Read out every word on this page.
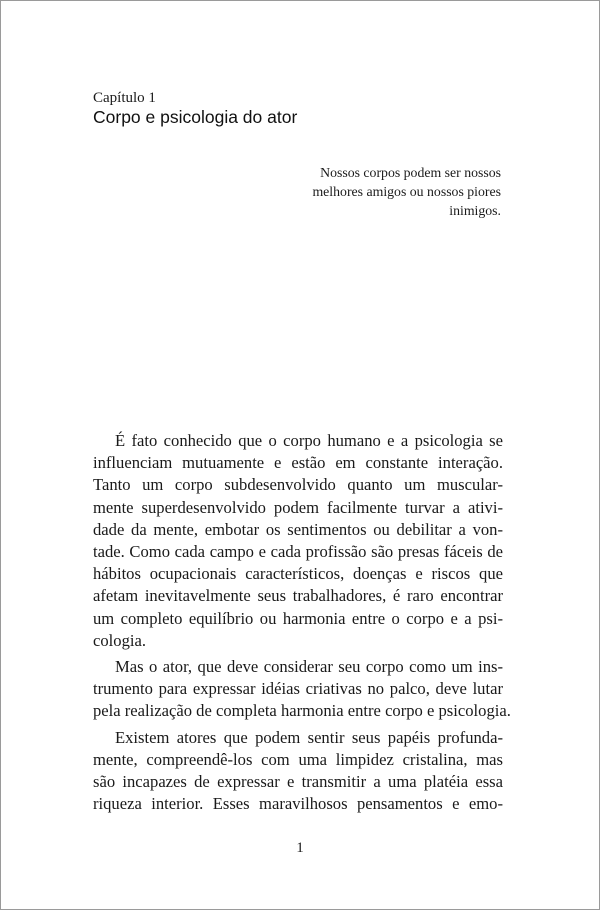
Capítulo 1
Corpo e psicologia do ator
Nossos corpos podem ser nossos
melhores amigos ou nossos piores
inimigos.
É fato conhecido que o corpo humano e a psicologia se
influenciam mutuamente e estão em constante interação.
Tanto um corpo subdesenvolvido quanto um muscular-
mente superdesenvolvido podem facilmente turvar a ativi-
dade da mente, embotar os sentimentos ou debilitar a von-
tade. Como cada campo e cada profissão são presas fáceis de
hábitos ocupacionais característicos, doenças e riscos que
afetam inevitavelmente seus trabalhadores, é raro encontrar
um completo equilíbrio ou harmonia entre o corpo e a psi-
cologia.
Mas o ator, que deve considerar seu corpo como um ins-
trumento para expressar idéias criativas no palco, deve lutar
pela realização de completa harmonia entre corpo e psicologia.
Existem atores que podem sentir seus papéis profunda-
mente, compreendê-los com uma limpidez cristalina, mas
são incapazes de expressar e transmitir a uma platéia essa
riqueza interior. Esses maravilhosos pensamentos e emo-
1
